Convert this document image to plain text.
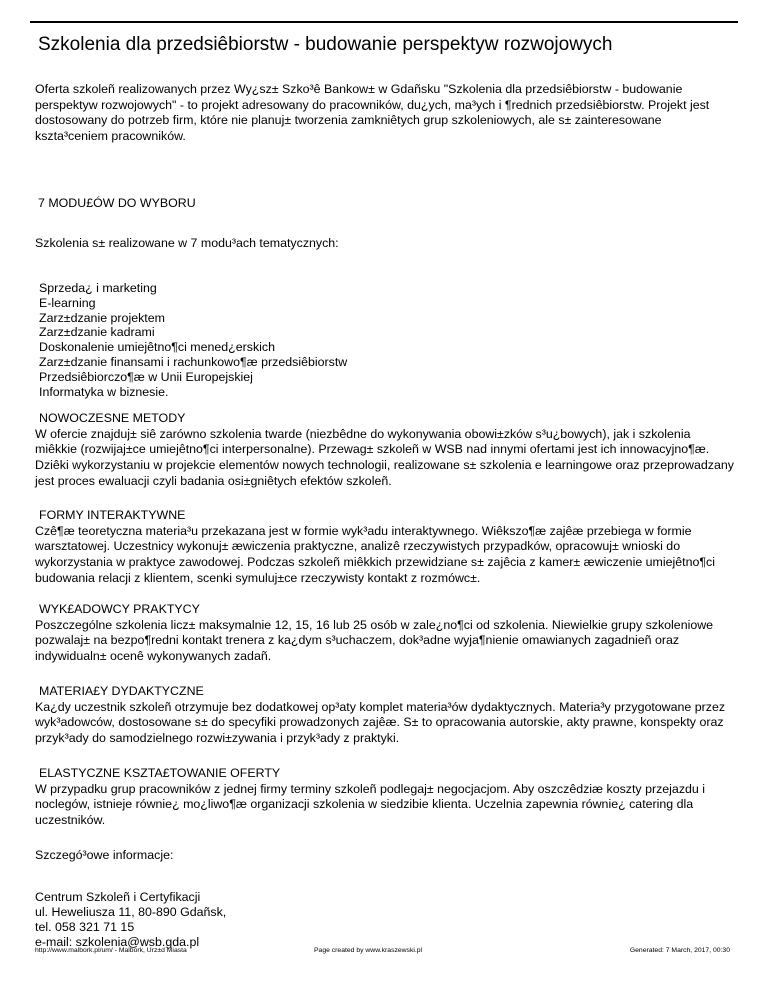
Szkolenia dla przedsiêbiorstw - budowanie perspektyw rozwojowych
Oferta szkoleñ realizowanych przez Wy¿sz± Szko³ê Bankow± w Gdañsku "Szkolenia dla przedsiêbiorstw - budowanie perspektyw rozwojowych" - to projekt adresowany do pracowników, du¿ych, ma³ych i ¶rednich przedsiêbiorstw. Projekt jest dostosowany do potrzeb firm, które nie planuj± tworzenia zamkniêtych grup szkoleniowych, ale s± zainteresowane kszta³ceniem pracowników.
7 MODU£ÓW DO WYBORU
Szkolenia s± realizowane w 7 modu³ach tematycznych:
Sprzeda¿ i marketing
E-learning
Zarz±dzanie projektem
Zarz±dzanie kadrami
Doskonalenie umiejêtno¶ci mened¿erskich
Zarz±dzanie finansami i rachunkowo¶æ przedsiêbiorstw
Przedsiêbiorczo¶æ w Unii Europejskiej
Informatyka w biznesie.
NOWOCZESNE METODY
W ofercie znajduj± siê zarówno szkolenia twarde (niezbêdne do wykonywania obowi±zków s³u¿bowych), jak i szkolenia miêkkie (rozwijaj±ce umiejêtno¶ci interpersonalne). Przewag± szkoleñ w WSB nad innymi ofertami jest ich innowacyjno¶æ. Dziêki wykorzystaniu w projekcie elementów nowych technologii, realizowane s± szkolenia e learningowe oraz przeprowadzany jest proces ewaluacji czyli badania osi±gniêtych efektów szkoleñ.
FORMY INTERAKTYWNE
Czê¶æ teoretyczna materia³u przekazana jest w formie wyk³adu interaktywnego. Wiêkszo¶æ zajêæ przebiega w formie warsztatowej. Uczestnicy wykonuj± æwiczenia praktyczne, analizê rzeczywistych przypadków, opracowuj± wnioski do wykorzystania w praktyce zawodowej. Podczas szkoleñ miêkkich przewidziane s± zajêcia z kamer± æwiczenie umiejêtno¶ci budowania relacji z klientem, scenki symuluj±ce rzeczywisty kontakt z rozmówc±.
WYK£ADOWCY PRAKTYCY
Poszczególne szkolenia licz± maksymalnie 12, 15, 16 lub 25 osób w zale¿no¶ci od szkolenia. Niewielkie grupy szkoleniowe pozwalaj± na bezpo¶redni kontakt trenera z ka¿dym s³uchaczem, dok³adne wyja¶nienie omawianych zagadnieñ oraz indywidualn± ocenê wykonywanych zadañ.
MATERIA£Y DYDAKTYCZNE
Ka¿dy uczestnik szkoleñ otrzymuje bez dodatkowej op³aty komplet materia³ów dydaktycznych. Materia³y przygotowane przez wyk³adowców, dostosowane s± do specyfiki prowadzonych zajêæ. S± to opracowania autorskie, akty prawne, konspekty oraz przyk³ady do samodzielnego rozwi±zywania i przyk³ady z praktyki.
ELASTYCZNE KSZTA£TOWANIE OFERTY
W przypadku grup pracowników z jednej firmy terminy szkoleñ podlegaj± negocjacjom. Aby oszczêdziæ koszty przejazdu i noclegów, istnieje równie¿ mo¿liwo¶æ organizacji szkolenia w siedzibie klienta. Uczelnia zapewnia równie¿ catering dla uczestników.
Szczegó³owe informacje:
Centrum Szkoleñ i Certyfikacji
ul. Heweliusza 11, 80-890 Gdañsk,
tel. 058 321 71 15
e-mail: szkolenia@wsb.gda.pl
http://www.malbork.pl/um/ - Malbork, Urz±d Miasta	Page created by www.kraszewski.pl	Generated: 7 March, 2017, 00:30
